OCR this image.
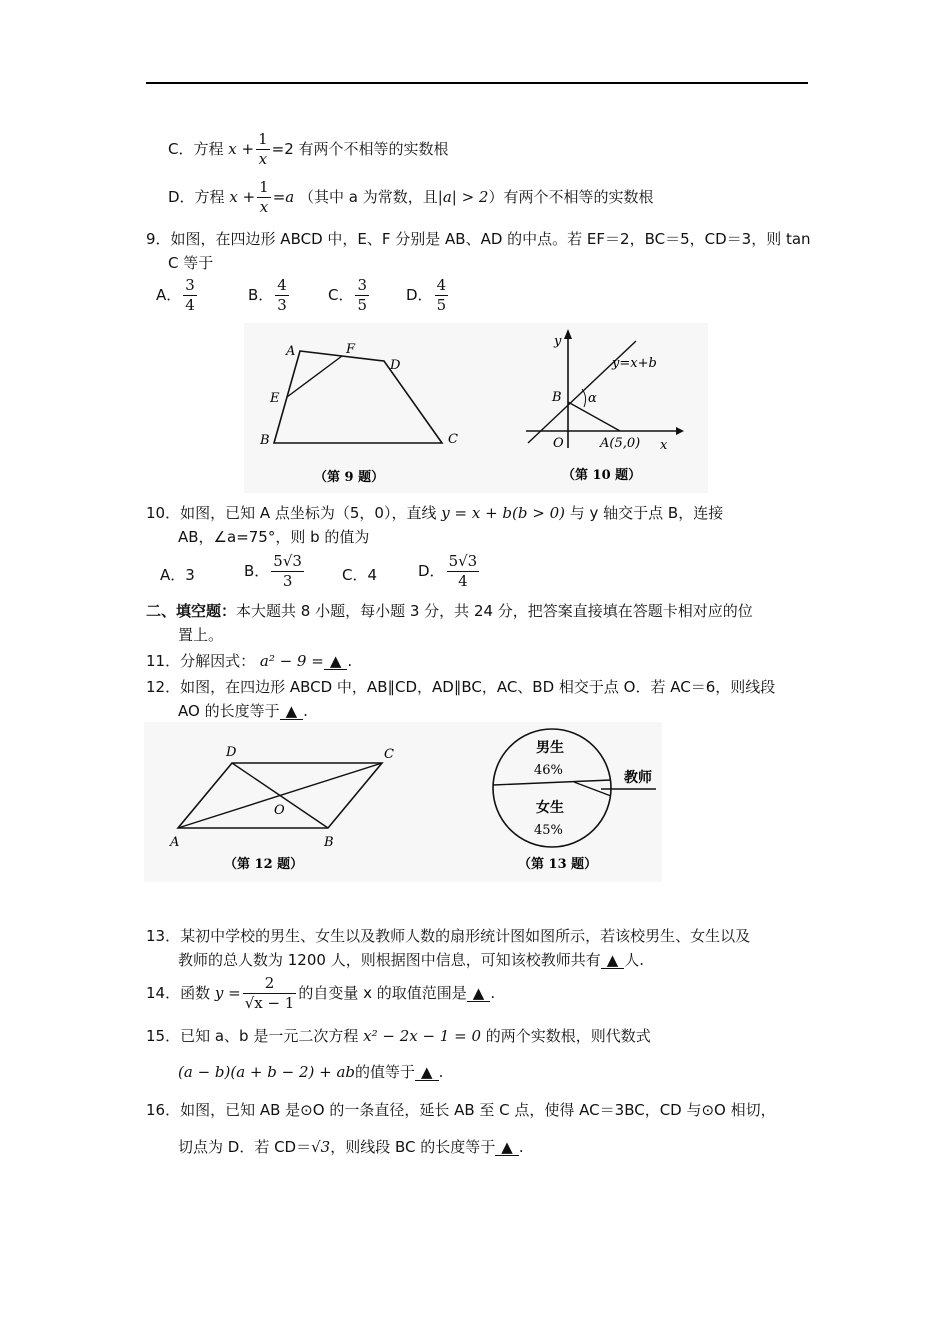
C．方程 $x + \frac{1}{x} =2$ 有两个不相等的实数根
D．方程 $x + \frac{1}{x} =a$ （其中 a 为常数，且|a| > 2）有两个不相等的实数根
9．如图，在四边形 ABCD 中，E、F 分别是 AB、AD 的中点。若 EF＝2，BC＝5，CD＝3，则 tan
C 等于
A． $\frac{3}{4}$	B． $\frac{4}{3}$	C． $\frac{3}{5}$ D． $\frac{4}{5}$
A	F
D
E
B	C
（第 9 题）
y
x
O
B
A(5,0)
y=x+b
α
（第 10 题）
10．如图，已知 A 点坐标为（5，0），直线 y = x + b(b > 0) 与 y 轴交于点 B，连接
AB，∠a=75°，则 b 的值为
A．3	B． $\frac{5√3}{3}$	C．4	D． $\frac{5√3}{4}$
二、填空题：本大题共 8 小题，每小题 3 分，共 24 分，把答案直接填在答题卡相对应的位
置上。
11．分解因式： a² − 9 = ▲ .
12．如图，在四边形 ABCD 中，AB∥CD，AD∥BC，AC、BD 相交于点 O．若 AC＝6，则线段
AO 的长度等于 ▲ .
A	B
C
D
O
（第 12 题）
男生
46%
女生
45%
教师
（第 13 题）
13．某初中学校的男生、女生以及教师人数的扇形统计图如图所示，若该校男生、女生以及
教师的总人数为 1200 人，则根据图中信息，可知该校教师共有 ▲ 人.
14．函数 $y = \frac{2}{√x - 1}$ 的自变量 x 的取值范围是 ▲ .
15．已知 a、b 是一元二次方程 x² − 2x − 1 = 0 的两个实数根，则代数式
(a − b)(a + b − 2) + ab的值等于 ▲ .
16．如图，已知 AB 是⊙O 的一条直径，延长 AB 至 C 点，使得 AC＝3BC，CD 与⊙O 相切，
切点为 D．若 CD＝√3，则线段 BC 的长度等于 ▲ .
